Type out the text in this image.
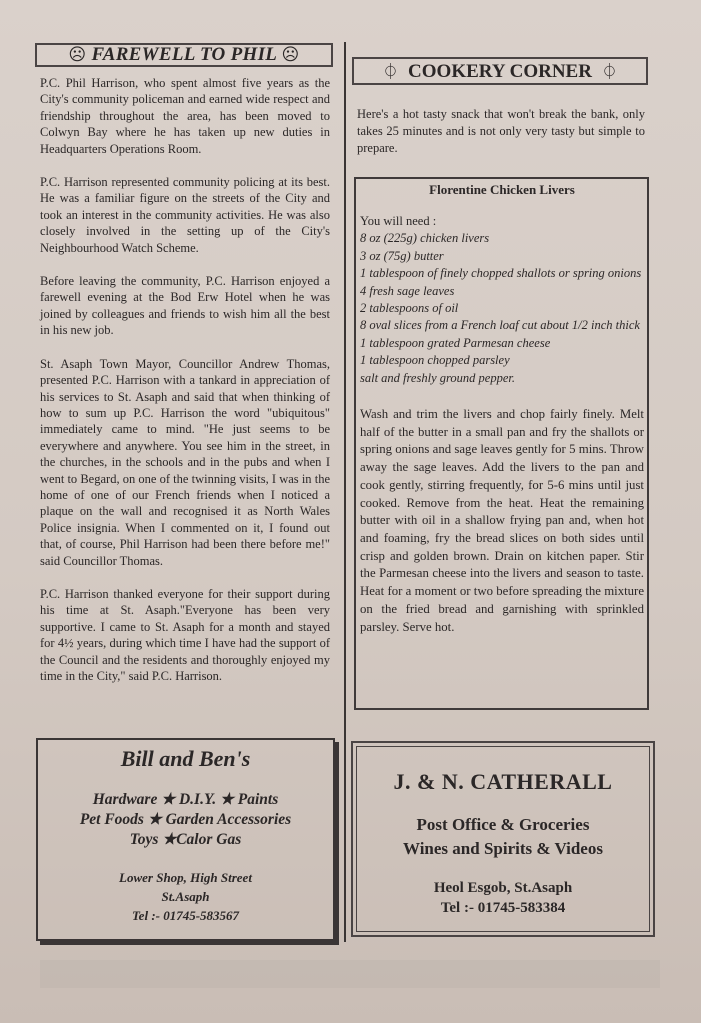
☹ FAREWELL TO PHIL ☹

P.C. Phil Harrison, who spent almost five years as the City's community policeman and earned wide respect and friendship throughout the area, has been moved to Colwyn Bay where he has taken up new duties in Headquarters Operations Room.

P.C. Harrison represented community policing at its best. He was a familiar figure on the streets of the City and took an interest in the community activities. He was also closely involved in the setting up of the City's Neighbourhood Watch Scheme.

Before leaving the community, P.C. Harrison enjoyed a farewell evening at the Bod Erw Hotel when he was joined by colleagues and friends to wish him all the best in his new job.

St. Asaph Town Mayor, Councillor Andrew Thomas, presented P.C. Harrison with a tankard in appreciation of his services to St. Asaph and said that when thinking of how to sum up P.C. Harrison the word "ubiquitous" immediately came to mind. "He just seems to be everywhere and anywhere. You see him in the street, in the churches, in the schools and in the pubs and when I went to Begard, on one of the twinning visits, I was in the home of one of our French friends when I noticed a plaque on the wall and recognised it as North Wales Police insignia. When I commented on it, I found out that, of course, Phil Harrison had been there before me!" said Councillor Thomas.

P.C. Harrison thanked everyone for their support during his time at St. Asaph."Everyone has been very supportive. I came to St. Asaph for a month and stayed for 4½ years, during which time I have had the support of the Council and the residents and thoroughly enjoyed my time in the City," said P.C. Harrison.

⏀ COOKERY CORNER ⏀
Here's a hot tasty snack that won't break the bank, only takes 25 minutes and is not only very tasty but simple to prepare.
Florentine Chicken Livers
You will need :
8 oz (225g) chicken livers
3 oz (75g) butter
1 tablespoon of finely chopped shallots or spring onions
4 fresh sage leaves
2 tablespoons of oil
8 oval slices from a French loaf cut about 1/2 inch thick
1 tablespoon grated Parmesan cheese
1 tablespoon chopped parsley
salt and freshly ground pepper.

Wash and trim the livers and chop fairly finely. Melt half of the butter in a small pan and fry the shallots or spring onions and sage leaves gently for 5 mins. Throw away the sage leaves. Add the livers to the pan and cook gently, stirring frequently, for 5-6 mins until just cooked. Remove from the heat. Heat the remaining butter with oil in a shallow frying pan and, when hot and foaming, fry the bread slices on both sides until crisp and golden brown. Drain on kitchen paper. Stir the Parmesan cheese into the livers and season to taste. Heat for a moment or two before spreading the mixture on the fried bread and garnishing with sprinkled parsley. Serve hot.

Bill and Ben's
Hardware ★ D.I.Y. ★ Paints
Pet Foods ★ Garden Accessories
Toys ★Calor Gas
Lower Shop, High Street
St.Asaph
Tel :- 01745-583567
J. & N. CATHERALL
Post Office & Groceries
Wines and Spirits & Videos
Heol Esgob, St.Asaph
Tel :- 01745-583384
